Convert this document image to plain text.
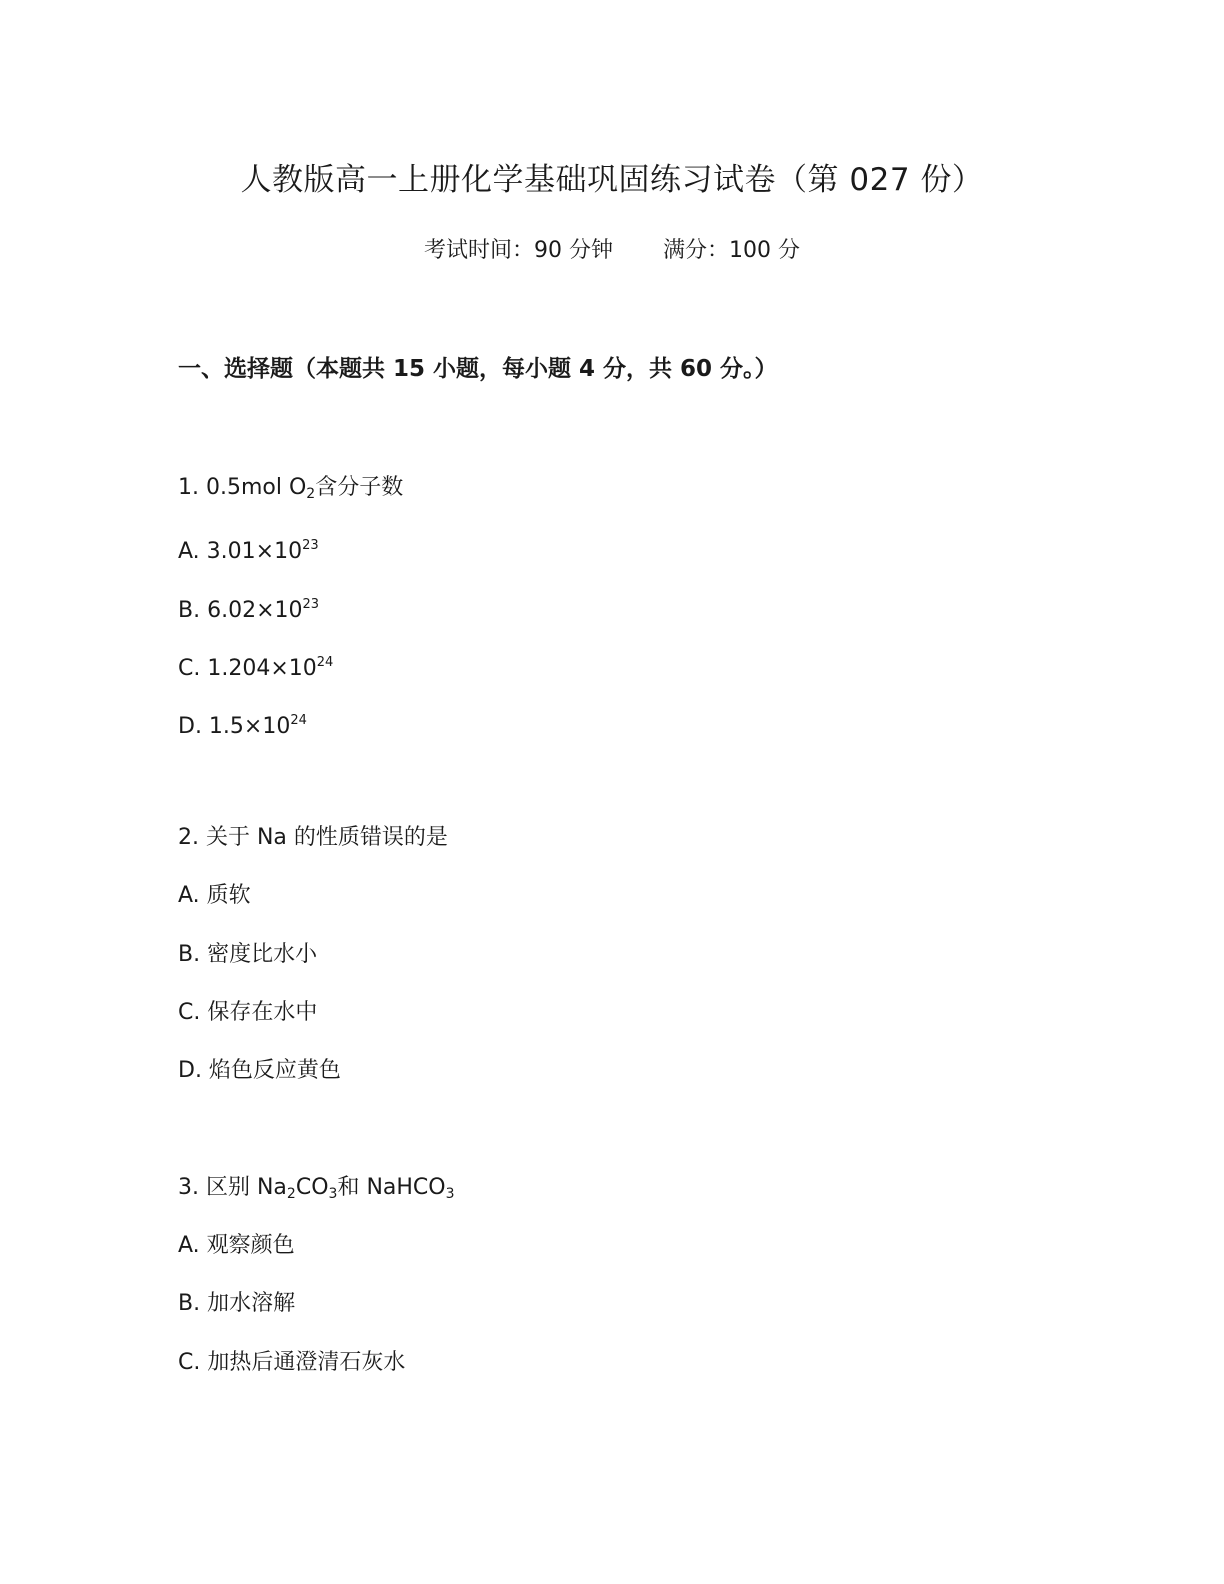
人教版高一上册化学基础巩固练习试卷（第 027 份）
考试时间：90 分钟 满分：100 分
一、选择题（本题共 15 小题，每小题 4 分，共 60 分。）
1. 0.5mol $O_2$含分子数
A. $3.01\times 10^{23}$
B. $6.02\times 10^{23}$
C. $1.204\times 10^{24}$
D. $1.5\times 10^{24}$
2. 关于 Na 的性质错误的是
A. 质软
B. 密度比水小
C. 保存在水中
D. 焰色反应黄色
3. 区别 $Na_2CO_3$和 NaHCO$_3$
A. 观察颜色
B. 加水溶解
C. 加热后通澄清石灰水
